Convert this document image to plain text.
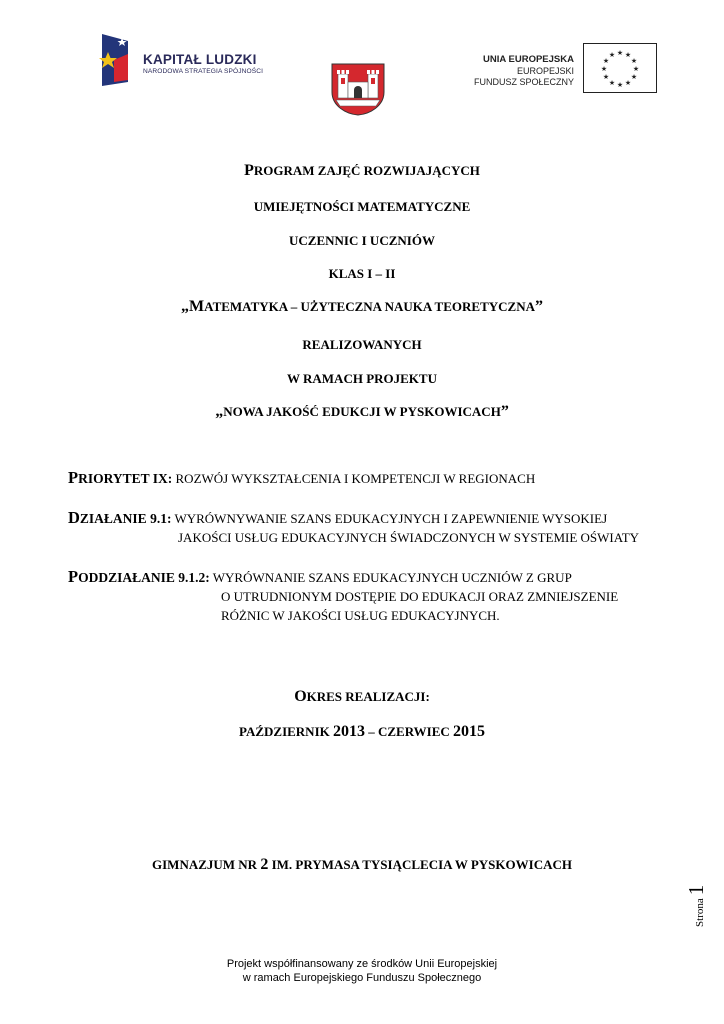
KAPITAŁ LUDZKI
NARODOWA STRATEGIA SPÓJNOŚCI
UNIA EUROPEJSKA
EUROPEJSKI
FUNDUSZ SPOŁECZNY
★ ★
★
★
★
★
★
★
★
★
★
★
PROGRAM ZAJĘĆ ROZWIJAJĄCYCH
UMIEJĘTNOŚCI MATEMATYCZNE
UCZENNIC I UCZNIÓW
KLAS I – II
„MATEMATYKA – UŻYTECZNA NAUKA TEORETYCZNA”
REALIZOWANYCH
W RAMACH PROJEKTU
„NOWA JAKOŚĆ EDUKCJI W PYSKOWICACH”
PRIORYTET IX: ROZWÓJ WYKSZTAŁCENIA I KOMPETENCJI W REGIONACH
DZIAŁANIE 9.1: WYRÓWNYWANIE SZANS EDUKACYJNYCH I ZAPEWNIENIE WYSOKIEJ
JAKOŚCI USŁUG EDUKACYJNYCH ŚWIADCZONYCH W SYSTEMIE OŚWIATY
PODDZIAŁANIE 9.1.2: WYRÓWNANIE SZANS EDUKACYJNYCH UCZNIÓW Z GRUP
O UTRUDNIONYM DOSTĘPIE DO EDUKACJI ORAZ ZMNIEJSZENIE
RÓŻNIC W JAKOŚCI USŁUG EDUKACYJNYCH.
OKRES REALIZACJI:
PAŹDZIERNIK 2013 – CZERWIEC 2015
GIMNAZJUM NR 2 IM. PRYMASA TYSIĄCLECIA W PYSKOWICACH
Strona1
Projekt współfinansowany ze środków Unii Europejskiej
w ramach Europejskiego Funduszu Społecznego
